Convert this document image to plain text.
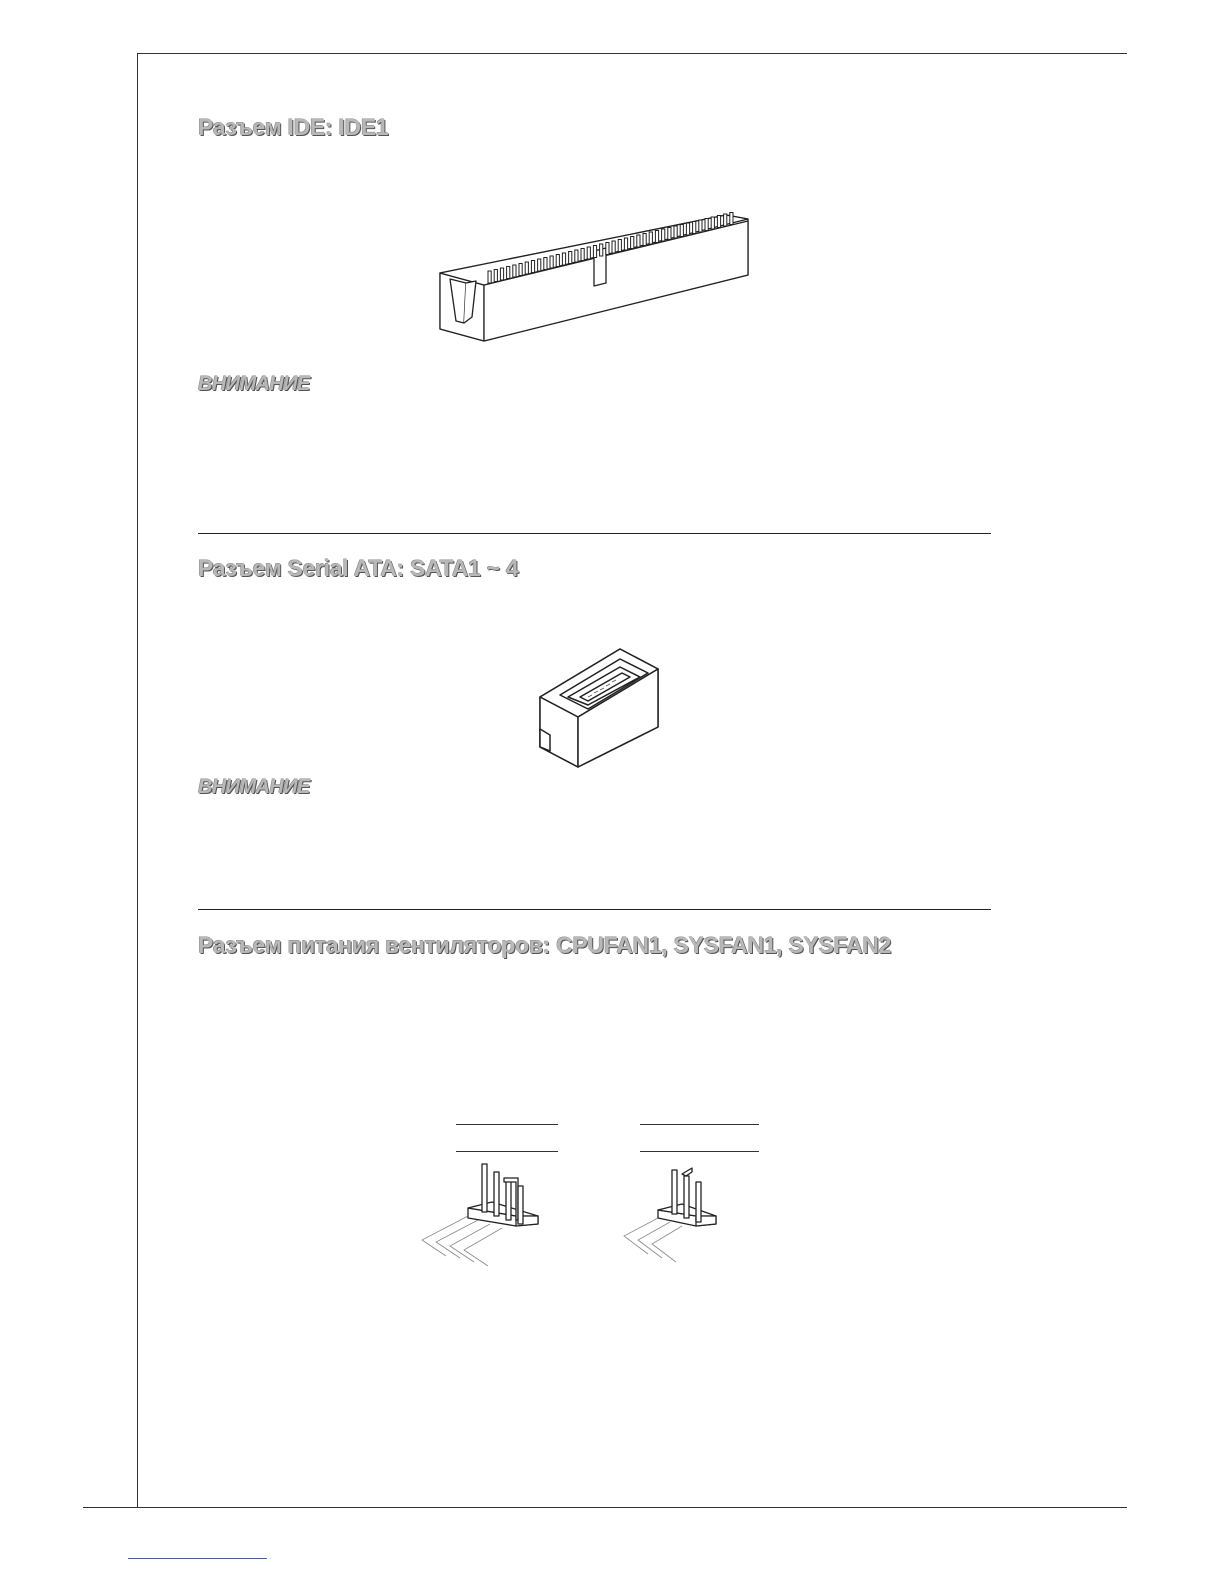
Разъем IDE: IDE1

ВНИМАНИЕ

Разъем Serial ATA: SATA1 ~ 4

ВНИМАНИЕ

Разъем питания вентиляторов: CPUFAN1, SYSFAN1, SYSFAN2
